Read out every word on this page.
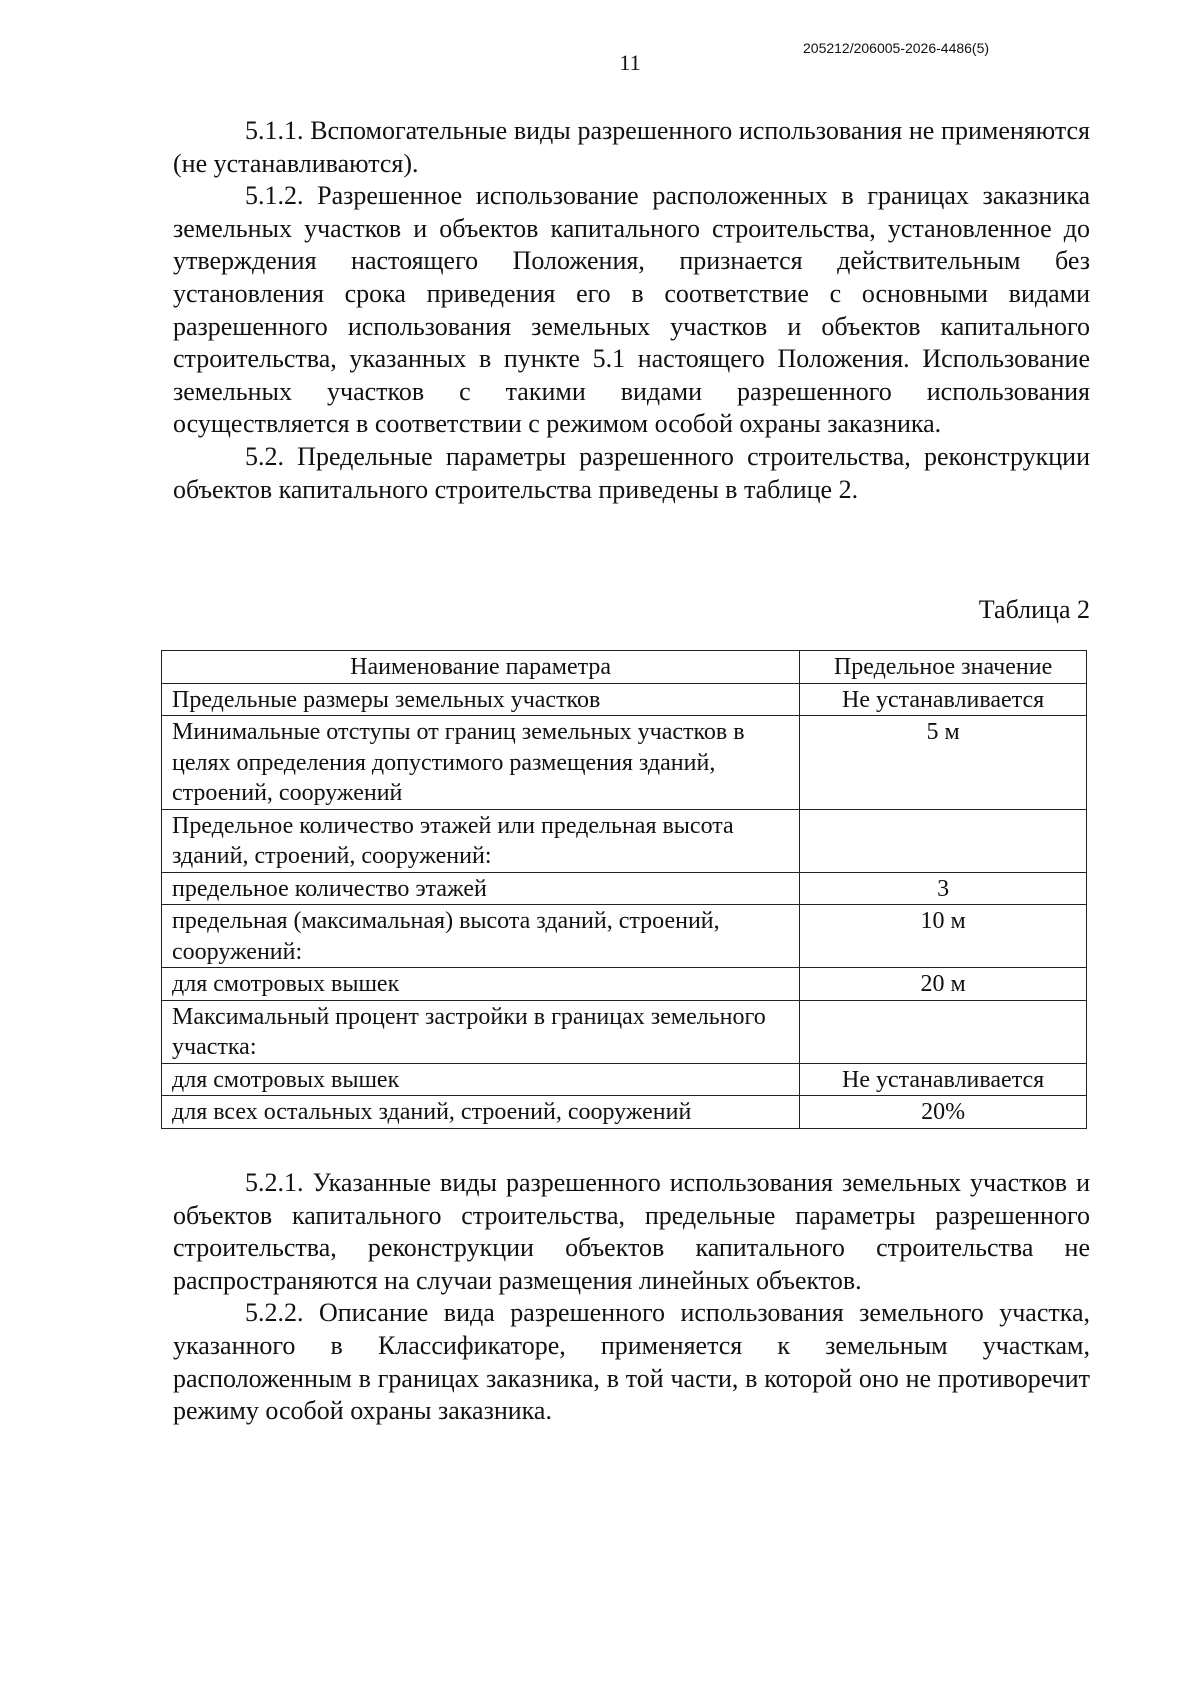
11
205212/206005-2026-4486(5)

5.1.1. Вспомогательные виды разрешенного использования не применяются (не устанавливаются).

5.1.2. Разрешенное использование расположенных в границах заказника земельных участков и объектов капитального строительства, установленное до утверждения настоящего Положения, признается действительным без установления срока приведения его в соответствие с основными видами разрешенного использования земельных участков и объектов капитального строительства, указанных в пункте 5.1 настоящего Положения. Использование земельных участков с такими видами разрешенного использования осуществляется в соответствии с режимом особой охраны заказника.

5.2. Предельные параметры разрешенного строительства, реконструкции объектов капитального строительства приведены в таблице 2.

Таблица 2
Наименование параметра	Предельное значение
Предельные размеры земельных участков	Не устанавливается
Минимальные отступы от границ земельных участков в целях определения допустимого размещения зданий, строений, сооружений	5 м
Предельное количество этажей или предельная высота зданий, строений, сооружений:	
предельное количество этажей	3
предельная (максимальная) высота зданий, строений, сооружений:	10 м
для смотровых вышек	20 м
Максимальный процент застройки в границах земельного участка:	
для смотровых вышек	Не устанавливается
для всех остальных зданий, строений, сооружений	20%

5.2.1. Указанные виды разрешенного использования земельных участков и объектов капитального строительства, предельные параметры разрешенного строительства, реконструкции объектов капитального строительства не распространяются на случаи размещения линейных объектов.

5.2.2. Описание вида разрешенного использования земельного участка, указанного в Классификаторе, применяется к земельным участкам, расположенным в границах заказника, в той части, в которой оно не противоречит режиму особой охраны заказника.
